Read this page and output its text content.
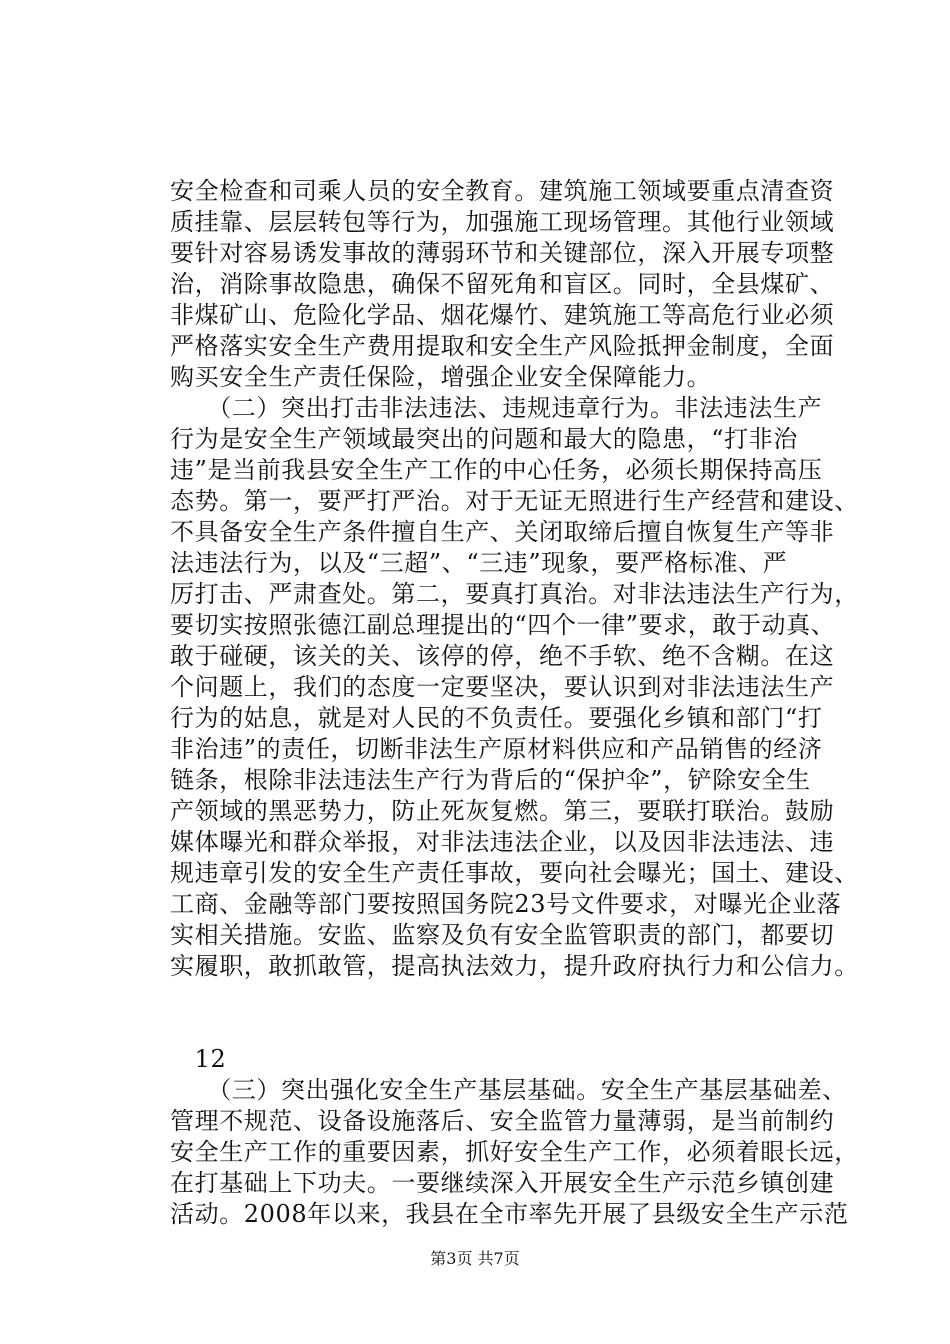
安全检查和司乘人员的安全教育。建筑施工领域要重点清查资
质挂靠、层层转包等行为，加强施工现场管理。其他行业领域
要针对容易诱发事故的薄弱环节和关键部位，深入开展专项整
治，消除事故隐患，确保不留死角和盲区。同时，全县煤矿、
非煤矿山、危险化学品、烟花爆竹、建筑施工等高危行业必须
严格落实安全生产费用提取和安全生产风险抵押金制度，全面
购买安全生产责任保险，增强企业安全保障能力。
　　（二）突出打击非法违法、违规违章行为。非法违法生产
行为是安全生产领域最突出的问题和最大的隐患，“打非治
违”是当前我县安全生产工作的中心任务，必须长期保持高压
态势。第一，要严打严治。对于无证无照进行生产经营和建设、
不具备安全生产条件擅自生产、关闭取缔后擅自恢复生产等非
法违法行为，以及“三超”、“三违”现象，要严格标准、严
厉打击、严肃查处。第二，要真打真治。对非法违法生产行为，
要切实按照张德江副总理提出的“四个一律”要求，敢于动真、
敢于碰硬，该关的关、该停的停，绝不手软、绝不含糊。在这
个问题上，我们的态度一定要坚决，要认识到对非法违法生产
行为的姑息，就是对人民的不负责任。要强化乡镇和部门“打
非治违”的责任，切断非法生产原材料供应和产品销售的经济
链条，根除非法违法生产行为背后的“保护伞”，铲除安全生
产领域的黑恶势力，防止死灰复燃。第三，要联打联治。鼓励
媒体曝光和群众举报，对非法违法企业，以及因非法违法、违
规违章引发的安全生产责任事故，要向社会曝光；国土、建设、
工商、金融等部门要按照国务院23号文件要求，对曝光企业落
实相关措施。安监、监察及负有安全监管职责的部门，都要切
实履职，敢抓敢管，提高执法效力，提升政府执行力和公信力。
　12
　　（三）突出强化安全生产基层基础。安全生产基层基础差、
管理不规范、设备设施落后、安全监管力量薄弱，是当前制约
安全生产工作的重要因素，抓好安全生产工作，必须着眼长远，
在打基础上下功夫。一要继续深入开展安全生产示范乡镇创建
活动。2008年以来，我县在全市率先开展了县级安全生产示范
第3页 共7页
